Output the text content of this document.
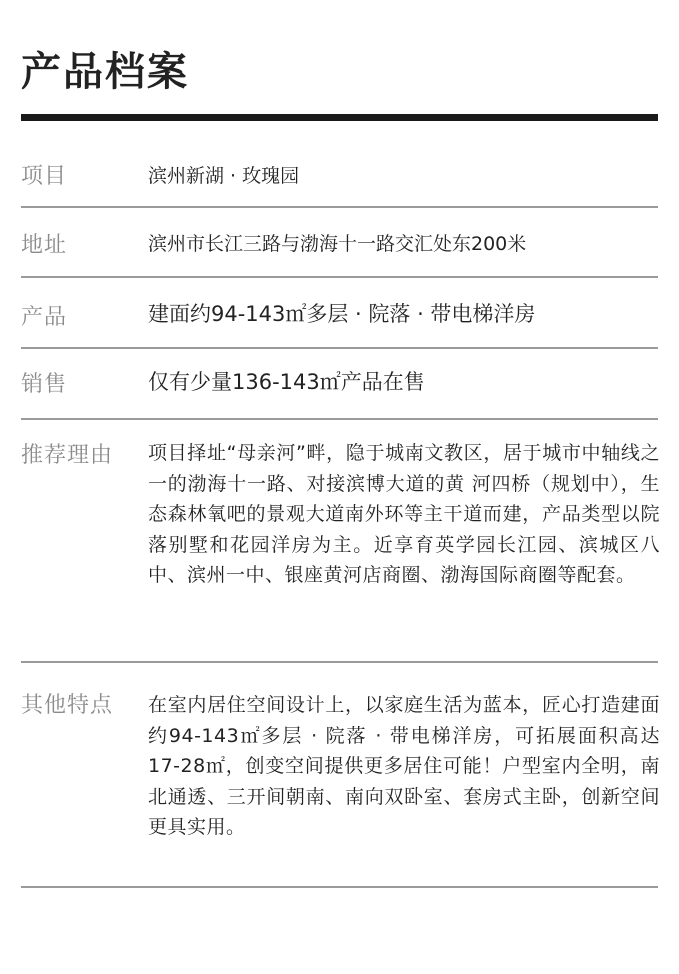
产品档案
项目	滨州新湖 · 玫瑰园
地址	滨州市长江三路与渤海十一路交汇处东200米
产品	建面约94-143㎡多层 · 院落 · 带电梯洋房
销售	仅有少量136-143㎡产品在售
推荐理由 项目择址“母亲河”畔，隐于城南文教区，居于城市中轴线之一的渤海十一路、对接滨博大道的黄 河四桥（规划中），生态森林氧吧的景观大道南外环等主干道而建，产品类型以院落别墅和花园洋房为主。近享育英学园长江园、滨城区八中、滨州一中、银座黄河店商圈、渤海国际商圈等配套。
其他特点 在室内居住空间设计上，以家庭生活为蓝本，匠心打造建面约94-143㎡多层 · 院落 · 带电梯洋房，可拓展面积高达17-28㎡，创变空间提供更多居住可能！户型室内全明，南北通透、三开间朝南、南向双卧室、套房式主卧，创新空间更具实用。
